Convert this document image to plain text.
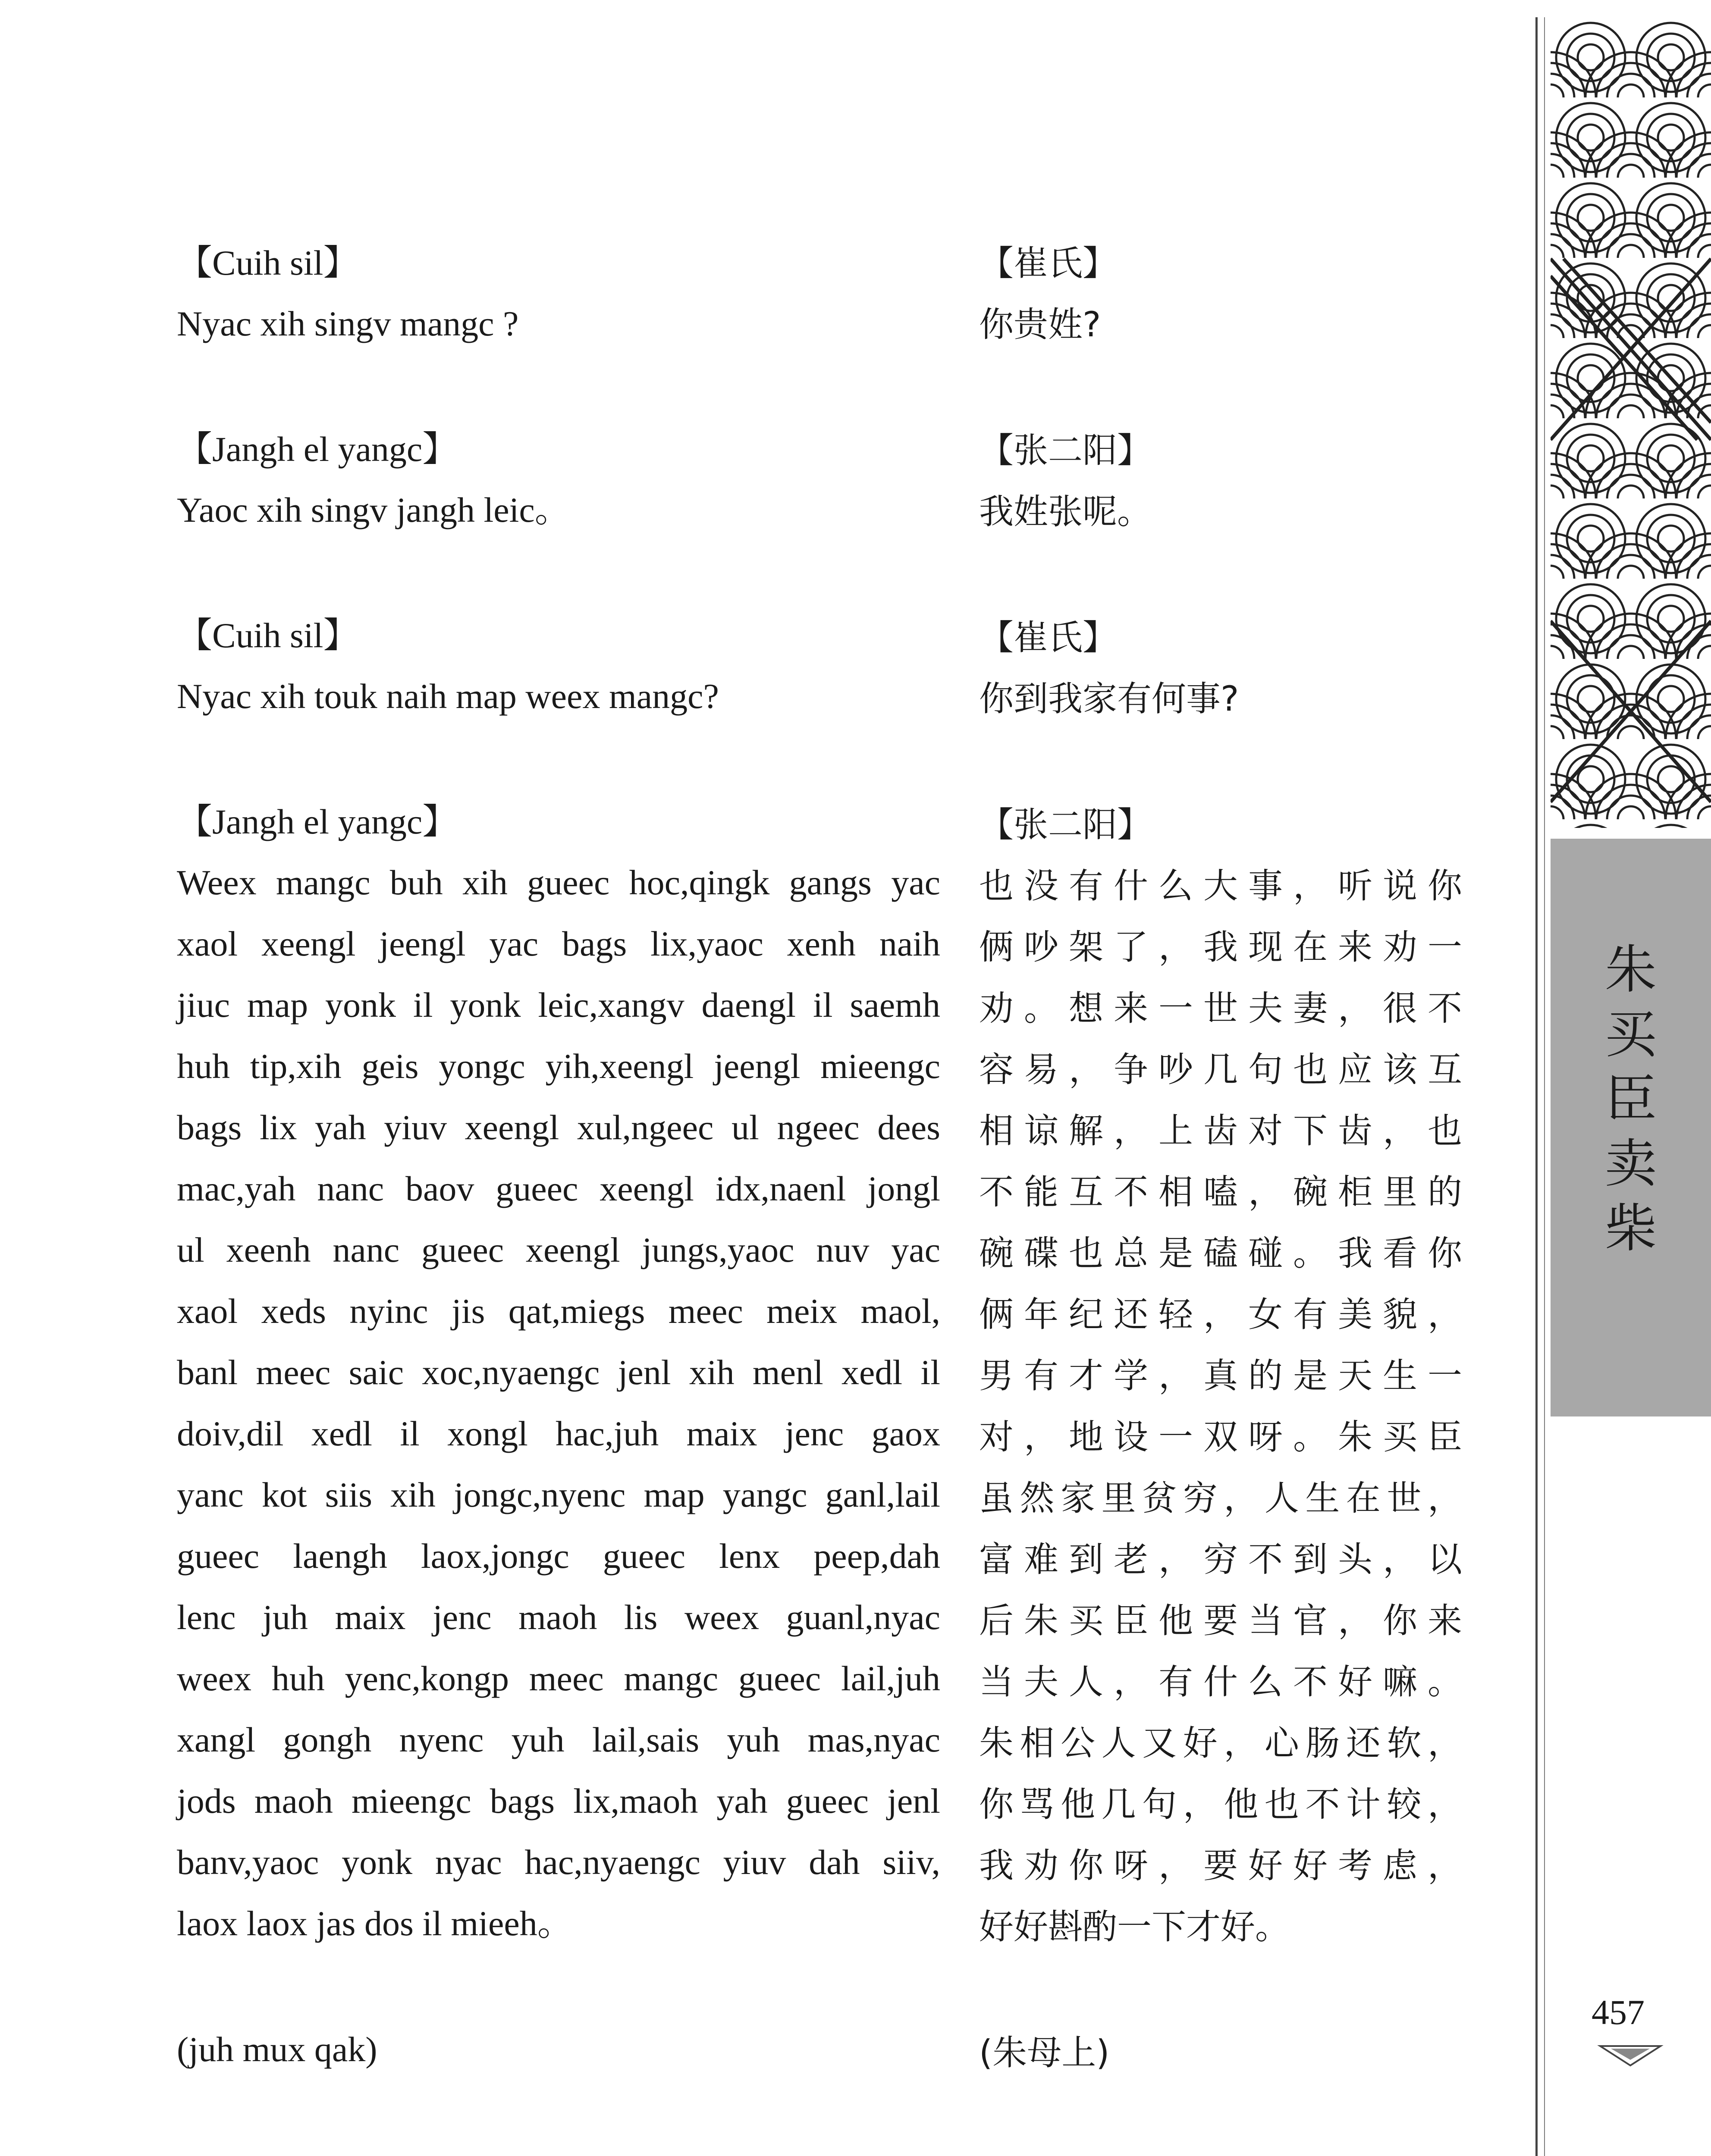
朱
买
臣
卖
柴
【Cuih sil】
Nyac xih singv mangc ?
【Jangh el yangc】
Yaoc xih singv jangh leic。
【Cuih sil】
Nyac xih touk naih map weex mangc?
【Jangh el yangc】
Weex mangc buh xih gueec hoc,qingk gangs yac
xaol xeengl jeengl yac bags lix,yaoc xenh naih
jiuc map yonk il yonk leic,xangv daengl il saemh
huh tip,xih geis yongc yih,xeengl jeengl mieengc
bags lix yah yiuv xeengl xul,ngeec ul ngeec dees
mac,yah nanc baov gueec xeengl idx,naenl jongl
ul xeenh nanc gueec xeengl jungs,yaoc nuv yac
xaol xeds nyinc jis qat,miegs meec meix maol,
banl meec saic xoc,nyaengc jenl xih menl xedl il
doiv,dil xedl il xongl hac,juh maix jenc gaox
yanc kot siis xih jongc,nyenc map yangc ganl,lail
gueec laengh laox,jongc gueec lenx peep,dah
lenc juh maix jenc maoh lis weex guanl,nyac
weex huh yenc,kongp meec mangc gueec lail,juh
xangl gongh nyenc yuh lail,sais yuh mas,nyac
jods maoh mieengc bags lix,maoh yah gueec jenl
banv,yaoc yonk nyac hac,nyaengc yiuv dah siiv,
laox laox jas dos il mieeh。
(juh mux qak)
【崔氏】
你贵姓?
【张二阳】
我姓张呢。
【崔氏】
你到我家有何事?
【张二阳】
也没有什么大事，听说你
俩吵架了，我现在来劝一
劝。想来一世夫妻，很不
容易，争吵几句也应该互
相谅解，上齿对下齿，也
不能互不相嗑，碗柜里的
碗碟也总是磕碰。我看你
俩年纪还轻，女有美貌，
男有才学，真的是天生一
对，地设一双呀。朱买臣
虽然家里贫穷，人生在世，
富难到老，穷不到头，以
后朱买臣他要当官，你来
当夫人，有什么不好嘛。
朱相公人又好，心肠还软，
你骂他几句，他也不计较，
我劝你呀，要好好考虑，
好好斟酌一下才好。
(朱母上)
457
